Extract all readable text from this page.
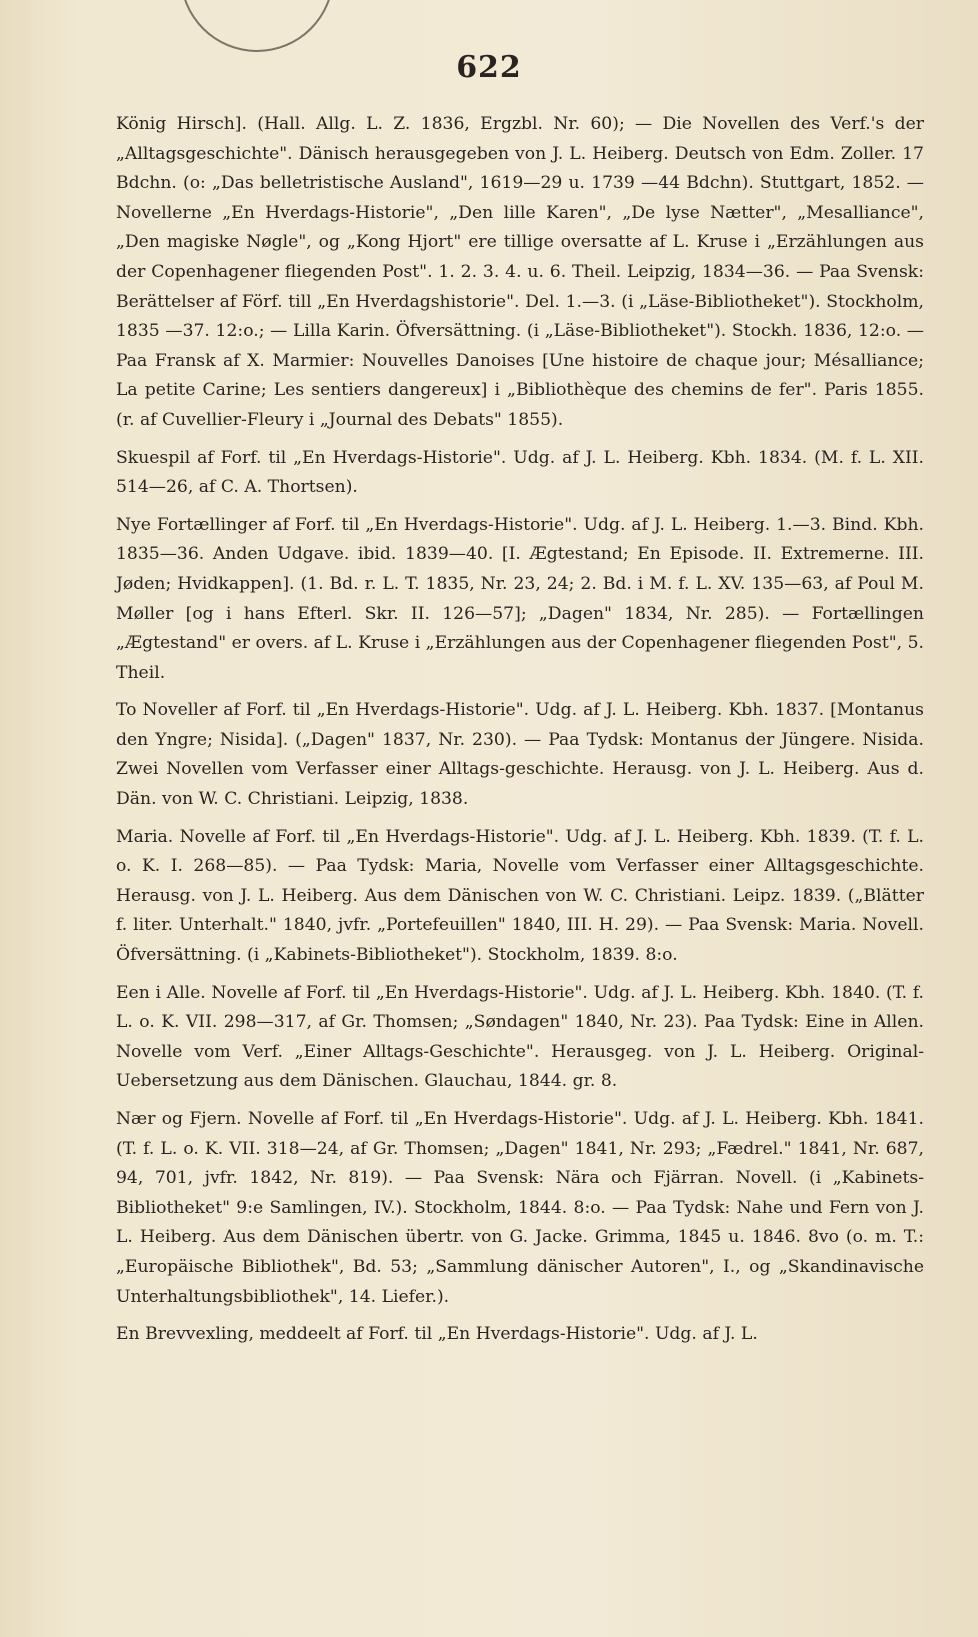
622

König Hirsch]. (Hall. Allg. L. Z. 1836, Ergzbl. Nr. 60); — Die Novellen des Verf.'s der „Alltagsgeschichte". Dänisch herausgegeben von J. L. Heiberg. Deutsch von Edm. Zoller. 17 Bdchn. (o: „Das belletristische Ausland", 1619—29 u. 1739 —44 Bdchn). Stuttgart, 1852. — Novellerne „En Hverdags-Historie", „Den lille Karen", „De lyse Nætter", „Mesalliance", „Den magiske Nøgle", og „Kong Hjort" ere tillige oversatte af L. Kruse i „Erzählungen aus der Copenhagener fliegenden Post". 1. 2. 3. 4. u. 6. Theil. Leipzig, 1834—36. — Paa Svensk: Berättelser af Förf. till „En Hverdagshistorie". Del. 1.—3. (i „Läse-Bibliotheket"). Stockholm, 1835 —37. 12:o.; — Lilla Karin. Öfversättning. (i „Läse-Bibliotheket"). Stockh. 1836, 12:o. — Paa Fransk af X. Marmier: Nouvelles Danoises [Une histoire de chaque jour; Mésalliance; La petite Carine; Les sentiers dangereux] i „Bibliothèque des chemins de fer". Paris 1855. (r. af Cuvellier-Fleury i „Journal des Debats" 1855).

Skuespil af Forf. til „En Hverdags-Historie". Udg. af J. L. Heiberg. Kbh. 1834. (M. f. L. XII. 514—26, af C. A. Thortsen).

Nye Fortællinger af Forf. til „En Hverdags-Historie". Udg. af J. L. Heiberg. 1.—3. Bind. Kbh. 1835—36. Anden Udgave. ibid. 1839—40. [I. Ægtestand; En Episode. II. Extremerne. III. Jøden; Hvidkappen]. (1. Bd. r. L. T. 1835, Nr. 23, 24; 2. Bd. i M. f. L. XV. 135—63, af Poul M. Møller [og i hans Efterl. Skr. II. 126—57]; „Dagen" 1834, Nr. 285). — Fortællingen „Ægtestand" er overs. af L. Kruse i „Erzählungen aus der Copenhagener fliegenden Post", 5. Theil.

To Noveller af Forf. til „En Hverdags-Historie". Udg. af J. L. Heiberg. Kbh. 1837. [Montanus den Yngre; Nisida]. („Dagen" 1837, Nr. 230). — Paa Tydsk: Montanus der Jüngere. Nisida. Zwei Novellen vom Verfasser einer Alltags-geschichte. Herausg. von J. L. Heiberg. Aus d. Dän. von W. C. Christiani. Leipzig, 1838.

Maria. Novelle af Forf. til „En Hverdags-Historie". Udg. af J. L. Heiberg. Kbh. 1839. (T. f. L. o. K. I. 268—85). — Paa Tydsk: Maria, Novelle vom Verfasser einer Alltagsgeschichte. Herausg. von J. L. Heiberg. Aus dem Dänischen von W. C. Christiani. Leipz. 1839. („Blätter f. liter. Unterhalt." 1840, jvfr. „Portefeuillen" 1840, III. H. 29). — Paa Svensk: Maria. Novell. Öfversättning. (i „Kabinets-Bibliotheket"). Stockholm, 1839. 8:o.

Een i Alle. Novelle af Forf. til „En Hverdags-Historie". Udg. af J. L. Heiberg. Kbh. 1840. (T. f. L. o. K. VII. 298—317, af Gr. Thomsen; „Søndagen" 1840, Nr. 23). Paa Tydsk: Eine in Allen. Novelle vom Verf. „Einer Alltags-Geschichte". Herausgeg. von J. L. Heiberg. Original-Uebersetzung aus dem Dänischen. Glauchau, 1844. gr. 8.

Nær og Fjern. Novelle af Forf. til „En Hverdags-Historie". Udg. af J. L. Heiberg. Kbh. 1841. (T. f. L. o. K. VII. 318—24, af Gr. Thomsen; „Dagen" 1841, Nr. 293; „Fædrel." 1841, Nr. 687, 94, 701, jvfr. 1842, Nr. 819). — Paa Svensk: Nära och Fjärran. Novell. (i „Kabinets-Bibliotheket" 9:e Samlingen, IV.). Stockholm, 1844. 8:o. — Paa Tydsk: Nahe und Fern von J. L. Heiberg. Aus dem Dänischen übertr. von G. Jacke. Grimma, 1845 u. 1846. 8vo (o. m. T.: „Europäische Bibliothek", Bd. 53; „Sammlung dänischer Autoren", I., og „Skandinavische Unterhaltungsbibliothek", 14. Liefer.).

En Brevvexling, meddeelt af Forf. til „En Hverdags-Historie". Udg. af J. L.
